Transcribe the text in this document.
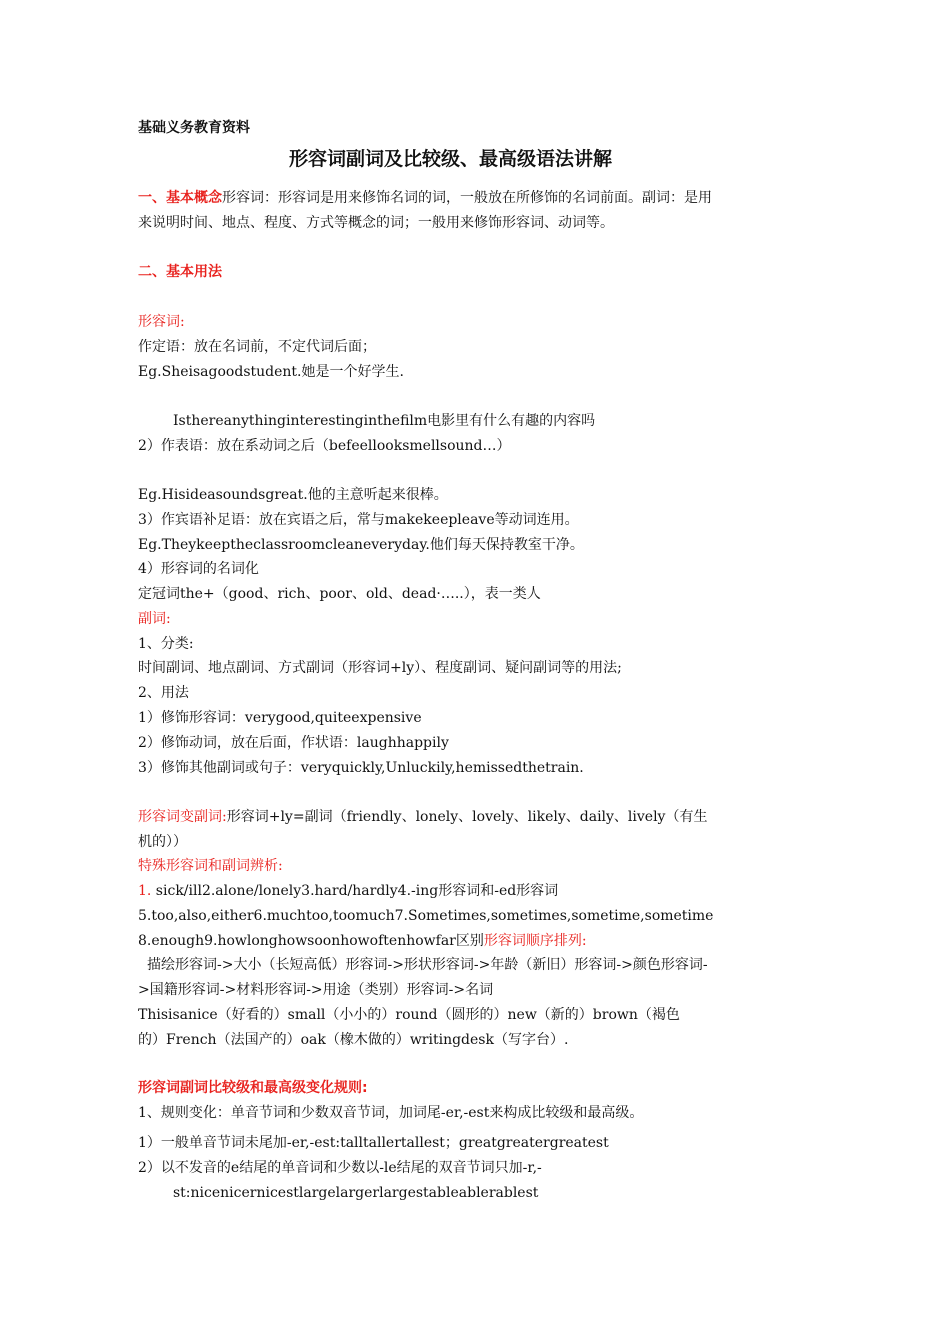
基础义务教育资料
形容词副词及比较级、最高级语法讲解
一、基本概念形容词：形容词是用来修饰名词的词，一般放在所修饰的名词前面。副词：是用
来说明时间、地点、程度、方式等概念的词；一般用来修饰形容词、动词等。
二、基本用法
形容词:
作定语：放在名词前，不定代词后面；
Eg.Sheisagoodstudent.她是一个好学生.
Isthereanythinginterestinginthefilm电影里有什么有趣的内容吗
2）作表语：放在系动词之后（befeellooksmellsound…）
Eg.Hisideasoundsgreat.他的主意听起来很棒。
3）作宾语补足语：放在宾语之后，常与makekeepleave等动词连用。
Eg.Theykeeptheclassroomcleaneveryday.他们每天保持教室干净。
4）形容词的名词化
定冠词the+（good、rich、poor、old、dead·…..），表一类人
副词:
1、分类:
时间副词、地点副词、方式副词（形容词+ly）、程度副词、疑问副词等的用法;
2、用法
1）修饰形容词：verygood,quiteexpensive
2）修饰动词，放在后面，作状语：laughhappily
3）修饰其他副词或句子：veryquickly,Unluckily,hemissedthetrain.
形容词变副词:形容词+ly=副词（friendly、lonely、lovely、likely、daily、lively（有生
机的））
特殊形容词和副词辨析:
1. sick/ill2.alone/lonely3.hard/hardly4.-ing形容词和-ed形容词
5.too,also,either6.muchtoo,toomuch7.Sometimes,sometimes,sometime,sometime
8.enough9.howlonghowsoonhowoftenhowfar区别形容词顺序排列:
描绘形容词->大小（长短高低）形容词->形状形容词->年龄（新旧）形容词->颜色形容词-
>国籍形容词->材料形容词->用途（类别）形容词->名词
Thisisanice（好看的）small（小小的）round（圆形的）new（新的）brown（褐色
的）French（法国产的）oak（橡木做的）writingdesk（写字台）.
形容词副词比较级和最高级变化规则:
1、规则变化：单音节词和少数双音节词，加词尾-er,-est来构成比较级和最高级。
1）一般单音节词未尾加-er,-est:talltallertallest；greatgreatergreatest
2）以不发音的e结尾的单音词和少数以-le结尾的双音节词只加-r,-
st:nicenicernicestlargelargerlargestableablerablest
